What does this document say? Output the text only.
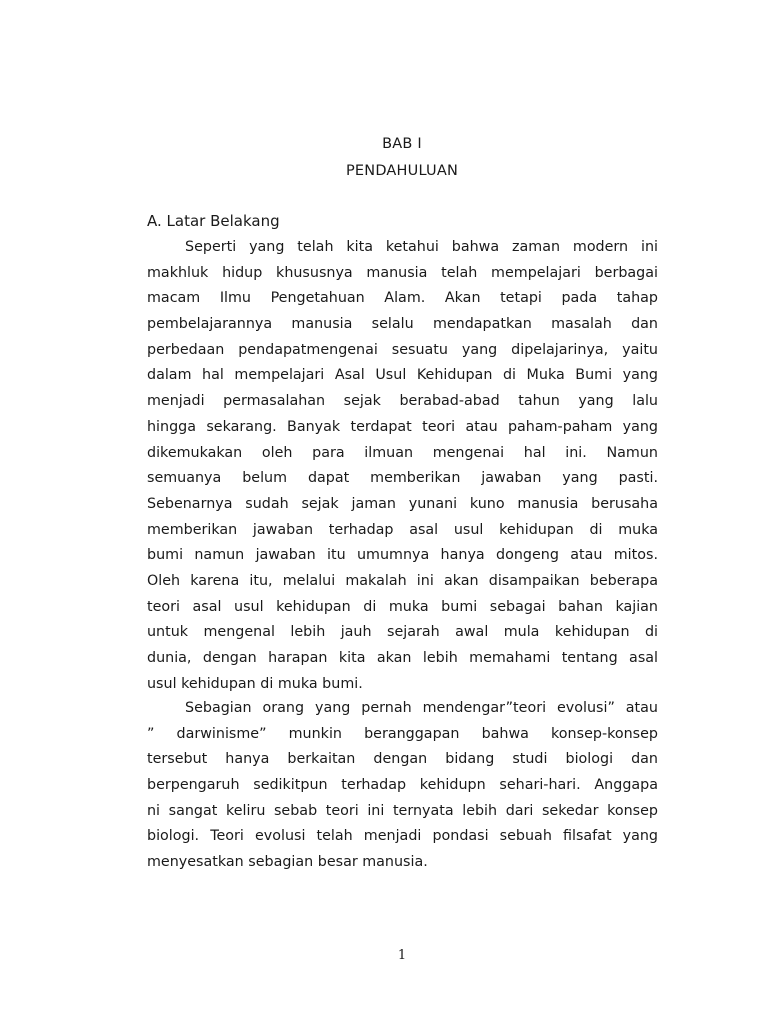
BAB I

PENDAHULUAN

A. Latar Belakang
Seperti yang telah kita ketahui bahwa zaman modern ini
makhluk hidup khususnya manusia telah mempelajari berbagai
macam Ilmu Pengetahuan Alam. Akan tetapi pada tahap
pembelajarannya manusia selalu mendapatkan masalah dan
perbedaan pendapatmengenai sesuatu yang dipelajarinya, yaitu
dalam hal mempelajari Asal Usul Kehidupan di Muka Bumi yang
menjadi permasalahan sejak berabad-abad tahun yang lalu
hingga sekarang. Banyak terdapat teori atau paham-paham yang
dikemukakan oleh para ilmuan mengenai hal ini. Namun
semuanya belum dapat memberikan jawaban yang pasti.
Sebenarnya sudah sejak jaman yunani kuno manusia berusaha
memberikan jawaban terhadap asal usul kehidupan di muka
bumi namun jawaban itu umumnya hanya dongeng atau mitos.
Oleh karena itu, melalui makalah ini akan disampaikan beberapa
teori asal usul kehidupan di muka bumi sebagai bahan kajian
untuk mengenal lebih jauh sejarah awal mula kehidupan di
dunia, dengan harapan kita akan lebih memahami tentang asal
usul kehidupan di muka bumi.
Sebagian orang yang pernah mendengar”teori evolusi” atau
” darwinisme” munkin beranggapan bahwa konsep-konsep
tersebut hanya berkaitan dengan bidang studi biologi dan
berpengaruh sedikitpun terhadap kehidupn sehari-hari. Anggapa
ni sangat keliru sebab teori ini ternyata lebih dari sekedar konsep
biologi. Teori evolusi telah menjadi pondasi sebuah filsafat yang
menyesatkan sebagian besar manusia.

1
